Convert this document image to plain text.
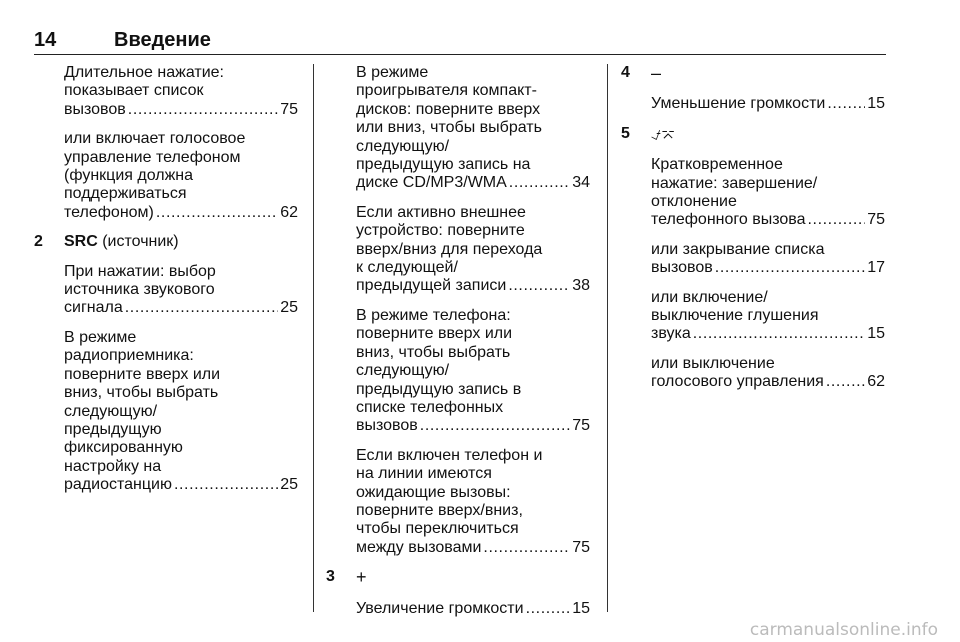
14	Введение
Длительное нажатие:
показывает список
вызовов .....	75
или включает голосовое
управление телефоном
(функция должна
поддерживаться
телефоном) .....	62
2 SRC (источник)
При нажатии: выбор
источника звукового
сигнала .....	25
В режиме
радиоприемника:
поверните вверх или
вниз, чтобы выбрать
следующую/
предыдущую
фиксированную
настройку на
радиостанцию .....	25
В режиме
проигрывателя компакт-
дисков: поверните вверх
или вниз, чтобы выбрать
следующую/
предыдущую запись на
диске CD/MP3/WMA .....	34
Если активно внешнее
устройство: поверните
вверх/вниз для перехода
к следующей/
предыдущей записи .....	38
В режиме телефона:
поверните вверх или
вниз, чтобы выбрать
следующую/
предыдущую запись в
списке телефонных
вызовов .....	75
Если включен телефон и
на линии имеются
ожидающие вызовы:
поверните вверх/вниз,
чтобы переключиться
между вызовами .....	75
3 +
Увеличение громкости .....	15
4 –
Уменьшение громкости .....	15
5 ⍻⌤
Кратковременное
нажатие: завершение/
отклонение
телефонного вызова .....	75
или закрывание списка
вызовов .....	17
или включение/
выключение глушения
звука .....	15
или выключение
голосового управления .....	62
carmanualsonline.info
